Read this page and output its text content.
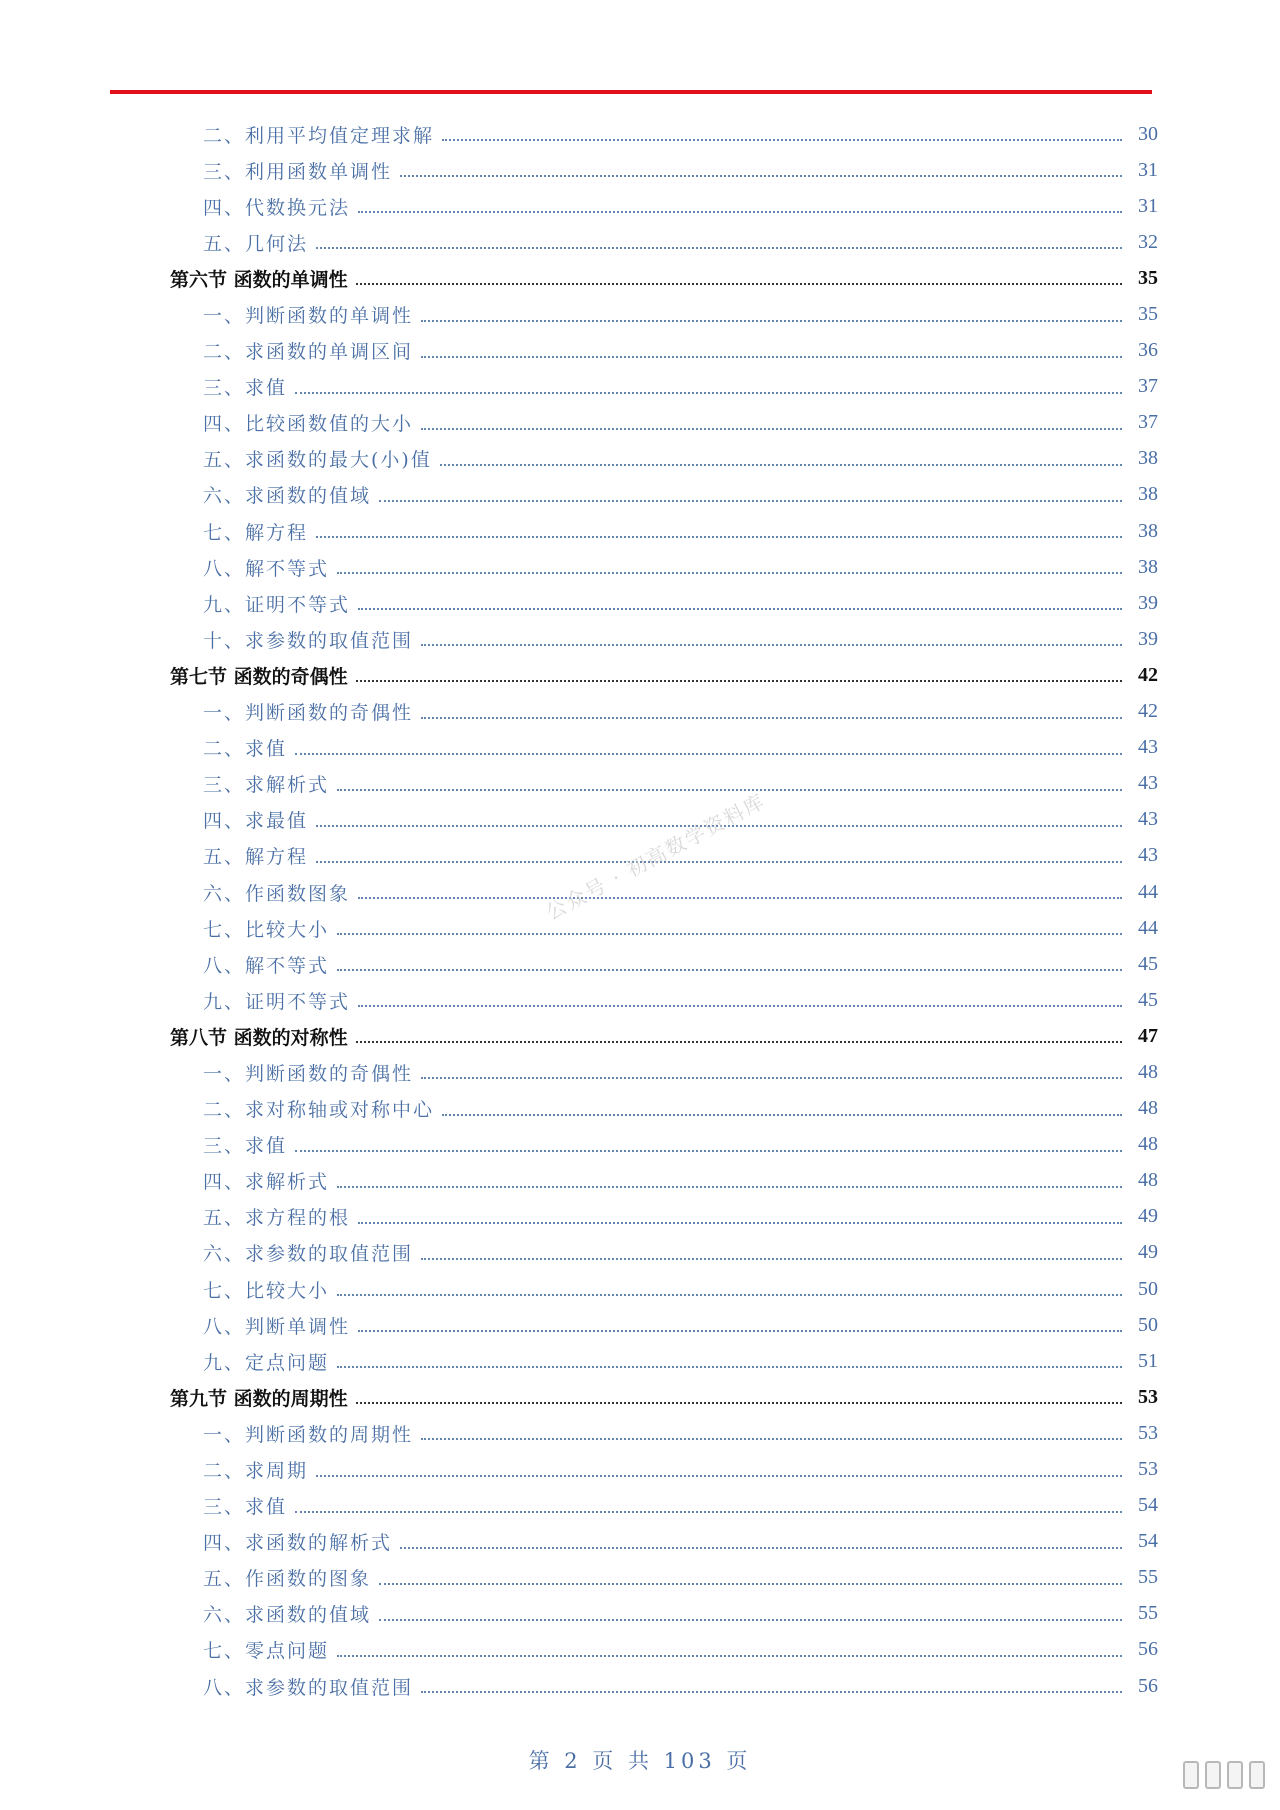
二、利用平均值定理求解	30
三、利用函数单调性	31
四、代数换元法	31
五、几何法	32
第六节 函数的单调性	35
一、判断函数的单调性	35
二、求函数的单调区间	36
三、求值	37
四、比较函数值的大小	37
五、求函数的最大(小)值	38
六、求函数的值域	38
七、解方程	38
八、解不等式	38
九、证明不等式	39
十、求参数的取值范围	39
第七节 函数的奇偶性	42
一、判断函数的奇偶性	42
二、求值	43
三、求解析式	43
四、求最值	43
五、解方程	43
六、作函数图象	44
七、比较大小	44
八、解不等式	45
九、证明不等式	45
第八节 函数的对称性	47
一、判断函数的奇偶性	48
二、求对称轴或对称中心	48
三、求值	48
四、求解析式	48
五、求方程的根	49
六、求参数的取值范围	49
七、比较大小	50
八、判断单调性	50
九、定点问题	51
第九节 函数的周期性	53
一、判断函数的周期性	53
二、求周期	53
三、求值	54
四、求函数的解析式	54
五、作函数的图象	55
六、求函数的值域	55
七、零点问题	56
八、求参数的取值范围	56
公众号 · 初高数学资料库
第 2 页 共 103 页
